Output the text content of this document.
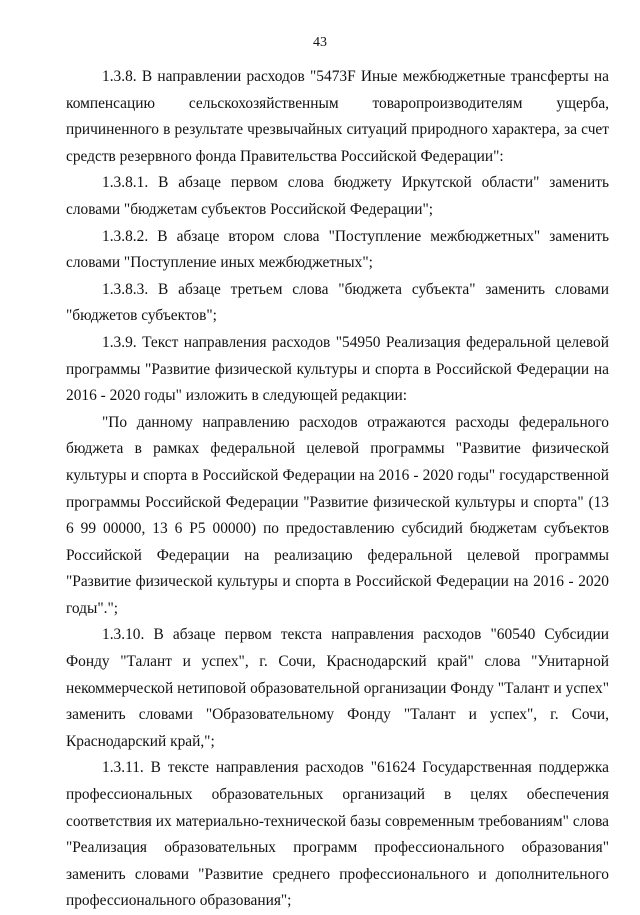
43

1.3.8. В направлении расходов "5473F Иные межбюджетные трансферты на компенсацию сельскохозяйственным товаропроизводителям ущерба, причиненного в результате чрезвычайных ситуаций природного характера, за счет средств резервного фонда Правительства Российской Федерации":

1.3.8.1. В абзаце первом слова бюджету Иркутской области" заменить словами "бюджетам субъектов Российской Федерации";

1.3.8.2. В абзаце втором слова "Поступление межбюджетных" заменить словами "Поступление иных межбюджетных";

1.3.8.3. В абзаце третьем слова "бюджета субъекта" заменить словами "бюджетов субъектов";

1.3.9. Текст направления расходов "54950 Реализация федеральной целевой программы "Развитие физической культуры и спорта в Российской Федерации на 2016 - 2020 годы" изложить в следующей редакции:

"По данному направлению расходов отражаются расходы федерального бюджета в рамках федеральной целевой программы "Развитие физической культуры и спорта в Российской Федерации на 2016 - 2020 годы" государственной программы Российской Федерации "Развитие физической культуры и спорта" (13 6 99 00000, 13 6 Р5 00000) по предоставлению субсидий бюджетам субъектов Российской Федерации на реализацию федеральной целевой программы "Развитие физической культуры и спорта в Российской Федерации на 2016 - 2020 годы".";

1.3.10. В абзаце первом текста направления расходов "60540 Субсидии Фонду "Талант и успех", г. Сочи, Краснодарский край" слова "Унитарной некоммерческой нетиповой образовательной организации Фонду "Талант и успех" заменить словами "Образовательному Фонду "Талант и успех", г. Сочи, Краснодарский край,";

1.3.11. В тексте направления расходов "61624 Государственная поддержка профессиональных образовательных организаций в целях обеспечения соответствия их материально-технической базы современным требованиям" слова "Реализация образовательных программ профессионального образования" заменить словами "Развитие среднего профессионального и дополнительного профессионального образования";
